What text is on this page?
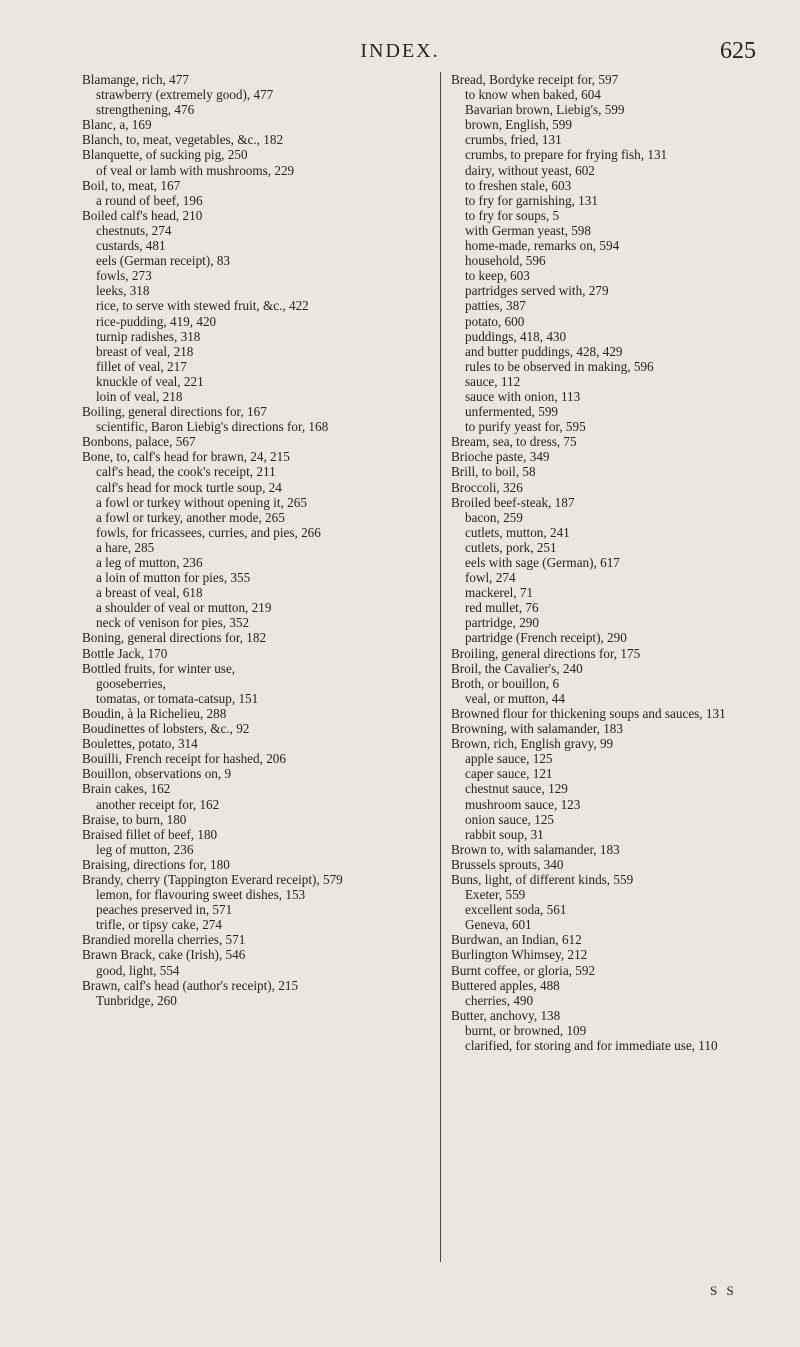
INDEX.	625

Blamange, rich, 477

strawberry (extremely good), 477

strengthening, 476

Blanc, a, 169

Blanch, to, meat, vegetables, &c., 182

Blanquette, of sucking pig, 250

of veal or lamb with mushrooms, 229

Boil, to, meat, 167

a round of beef, 196

Boiled calf's head, 210

chestnuts, 274

custards, 481

eels (German receipt), 83

fowls, 273

leeks, 318

rice, to serve with stewed fruit, &c., 422

rice-pudding, 419, 420

turnip radishes, 318

breast of veal, 218

fillet of veal, 217

knuckle of veal, 221

loin of veal, 218

Boiling, general directions for, 167

scientific, Baron Liebig's directions for, 168

Bonbons, palace, 567

Bone, to, calf's head for brawn, 24, 215

calf's head, the cook's receipt, 211

calf's head for mock turtle soup, 24

a fowl or turkey without opening it, 265

a fowl or turkey, another mode, 265

fowls, for fricassees, curries, and pies, 266

a hare, 285

a leg of mutton, 236

a loin of mutton for pies, 355

a breast of veal, 618

a shoulder of veal or mutton, 219

neck of venison for pies, 352

Boning, general directions for, 182

Bottle Jack, 170

Bottled fruits, for winter use,

gooseberries,

tomatas, or tomata-catsup, 151

Boudin, à la Richelieu, 288

Boudinettes of lobsters, &c., 92

Boulettes, potato, 314

Bouilli, French receipt for hashed, 206

Bouillon, observations on, 9

Brain cakes, 162

another receipt for, 162

Braise, to burn, 180

Braised fillet of beef, 180

leg of mutton, 236

Braising, directions for, 180

Brandy, cherry (Tappington Everard receipt), 579

lemon, for flavouring sweet dishes, 153

peaches preserved in, 571

trifle, or tipsy cake, 274

Brandied morella cherries, 571

Brawn Brack, cake (Irish), 546

good, light, 554

Brawn, calf's head (author's receipt), 215

Tunbridge, 260

Bread, Bordyke receipt for, 597

to know when baked, 604

Bavarian brown, Liebig's, 599

brown, English, 599

crumbs, fried, 131

crumbs, to prepare for frying fish, 131

dairy, without yeast, 602

to freshen stale, 603

to fry for garnishing, 131

to fry for soups, 5

with German yeast, 598

home-made, remarks on, 594

household, 596

to keep, 603

partridges served with, 279

patties, 387

potato, 600

puddings, 418, 430

and butter puddings, 428, 429

rules to be observed in making, 596

sauce, 112

sauce with onion, 113

unfermented, 599

to purify yeast for, 595

Bream, sea, to dress, 75

Brioche paste, 349

Brill, to boil, 58

Broccoli, 326

Broiled beef-steak, 187

bacon, 259

cutlets, mutton, 241

cutlets, pork, 251

eels with sage (German), 617

fowl, 274

mackerel, 71

red mullet, 76

partridge, 290

partridge (French receipt), 290

Broiling, general directions for, 175

Broil, the Cavalier's, 240

Broth, or bouillon, 6

veal, or mutton, 44

Browned flour for thickening soups and sauces, 131

Browning, with salamander, 183

Brown, rich, English gravy, 99

apple sauce, 125

caper sauce, 121

chestnut sauce, 129

mushroom sauce, 123

onion sauce, 125

rabbit soup, 31

Brown to, with salamander, 183

Brussels sprouts, 340

Buns, light, of different kinds, 559

Exeter, 559

excellent soda, 561

Geneva, 601

Burdwan, an Indian, 612

Burlington Whimsey, 212

Burnt coffee, or gloria, 592

Buttered apples, 488

cherries, 490

Butter, anchovy, 138

burnt, or browned, 109

clarified, for storing and for immediate use, 110

S S
